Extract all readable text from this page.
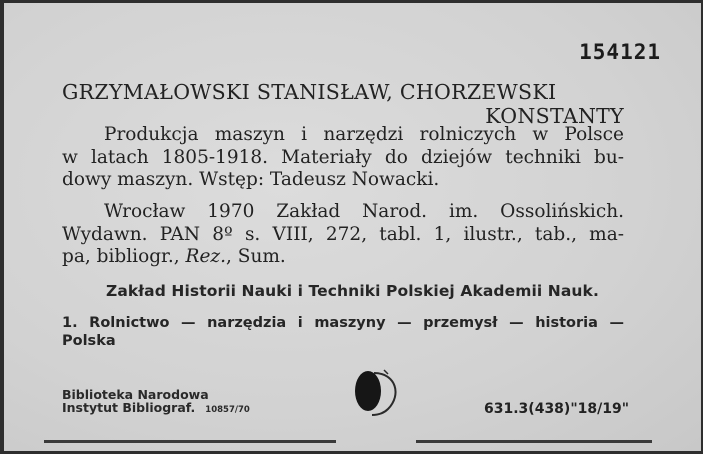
154121
GRZYMAŁOWSKI STANISŁAW, CHORZEWSKI
KONSTANTY
Produkcja maszyn i narzędzi rolniczych w Polsce
w latach 1805-1918. Materiały do dziejów techniki bu-
dowy maszyn. Wstęp: Tadeusz Nowacki.
Wrocław 1970 Zakład Narod. im. Ossolińskich.
Wydawn. PAN 8º s. VIII, 272, tabl. 1, ilustr., tab., ma-
pa, bibliogr., Rez., Sum.
Zakład Historii Nauki i Techniki Polskiej Akademii Nauk.
1. Rolnictwo — narzędzia i maszyny — przemysł — historia —
Polska
Biblioteka Narodowa
Instytut Bibliograf. 10857/70	631.3(438)"18/19"
